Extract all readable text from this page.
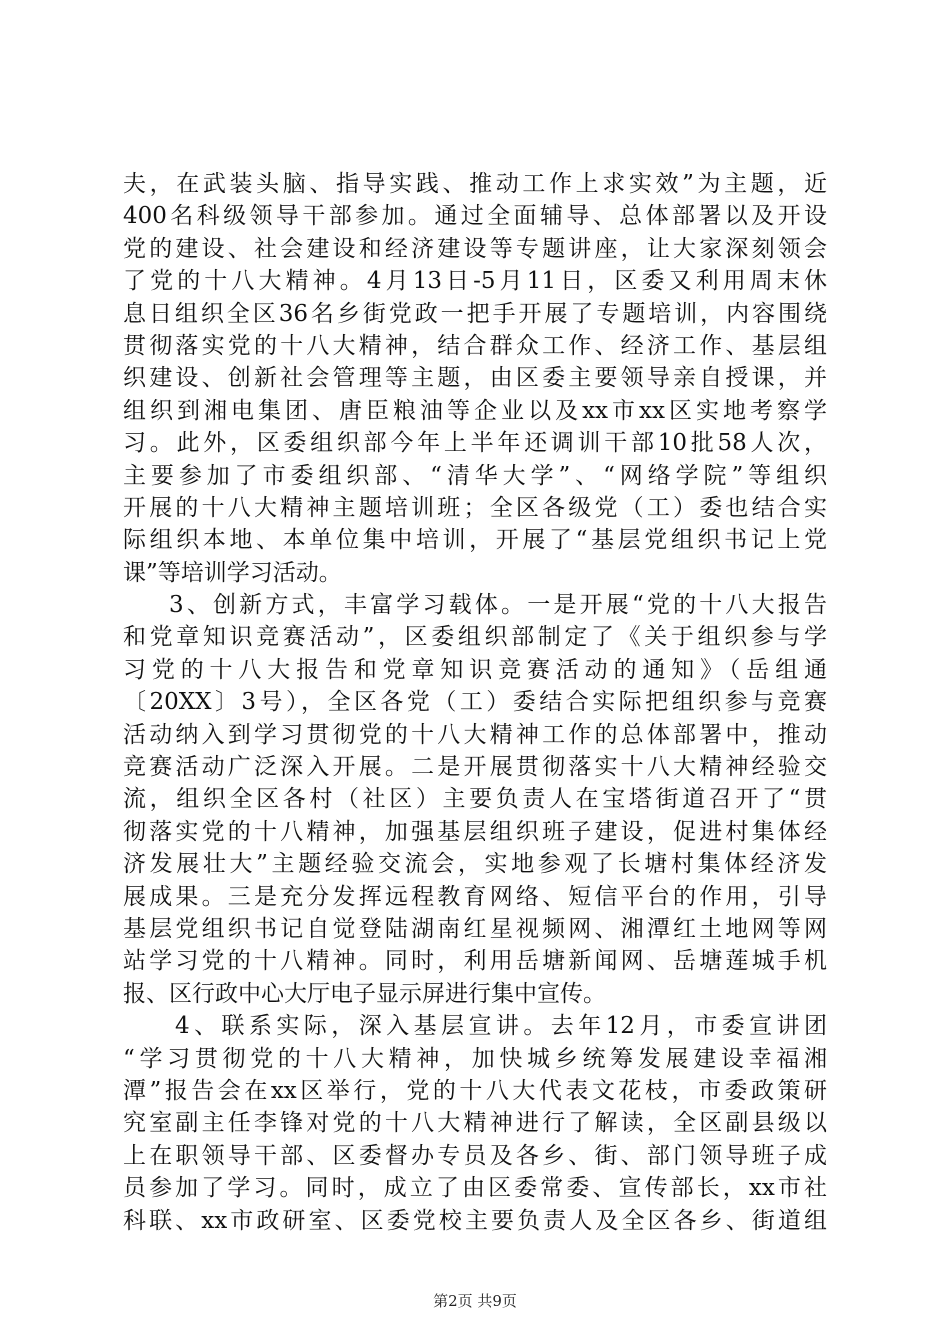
夫，在武装头脑、指导实践、推动工作上求实效”为主题，近
400名科级领导干部参加。通过全面辅导、总体部署以及开设
党的建设、社会建设和经济建设等专题讲座，让大家深刻领会
了党的十八大精神。4月13日-5月11日，区委又利用周末休
息日组织全区36名乡街党政一把手开展了专题培训，内容围绕
贯彻落实党的十八大精神，结合群众工作、经济工作、基层组
织建设、创新社会管理等主题，由区委主要领导亲自授课，并
组织到湘电集团、唐臣粮油等企业以及xx市xx区实地考察学
习。此外，区委组织部今年上半年还调训干部10批58人次，
主要参加了市委组织部、“清华大学”、“网络学院”等组织
开展的十八大精神主题培训班；全区各级党（工）委也结合实
际组织本地、本单位集中培训，开展了“基层党组织书记上党
课”等培训学习活动。
3、创新方式，丰富学习载体。一是开展“党的十八大报告
和党章知识竞赛活动”，区委组织部制定了《关于组织参与学
习党的十八大报告和党章知识竞赛活动的通知》（岳组通
〔20XX〕3号），全区各党（工）委结合实际把组织参与竞赛
活动纳入到学习贯彻党的十八大精神工作的总体部署中，推动
竞赛活动广泛深入开展。二是开展贯彻落实十八大精神经验交
流，组织全区各村（社区）主要负责人在宝塔街道召开了“贯
彻落实党的十八精神，加强基层组织班子建设，促进村集体经
济发展壮大”主题经验交流会，实地参观了长塘村集体经济发
展成果。三是充分发挥远程教育网络、短信平台的作用，引导
基层党组织书记自觉登陆湖南红星视频网、湘潭红土地网等网
站学习党的十八精神。同时，利用岳塘新闻网、岳塘莲城手机
报、区行政中心大厅电子显示屏进行集中宣传。
4、联系实际，深入基层宣讲。去年12月，市委宣讲团
“学习贯彻党的十八大精神，加快城乡统筹发展建设幸福湘
潭”报告会在xx区举行，党的十八大代表文花枝，市委政策研
究室副主任李锋对党的十八大精神进行了解读，全区副县级以
上在职领导干部、区委督办专员及各乡、街、部门领导班子成
员参加了学习。同时，成立了由区委常委、宣传部长，xx市社
科联、xx市政研室、区委党校主要负责人及全区各乡、街道组
第2页 共9页
